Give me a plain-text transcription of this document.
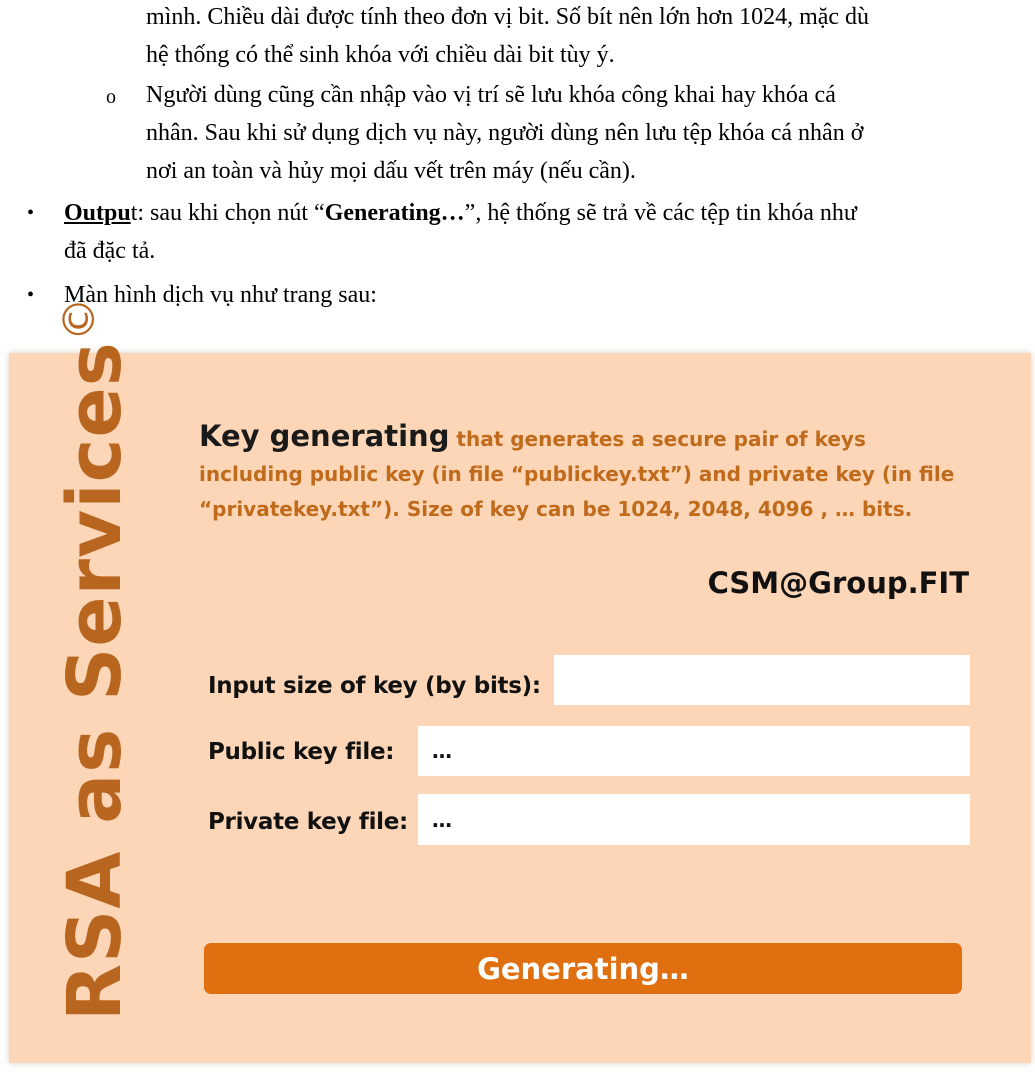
mình. Chiều dài được tính theo đơn vị bit. Số bít nên lớn hơn 1024, mặc dù
hệ thống có thể sinh khóa với chiều dài bit tùy ý.
o Người dùng cũng cần nhập vào vị trí sẽ lưu khóa công khai hay khóa cá
nhân. Sau khi sử dụng dịch vụ này, người dùng nên lưu tệp khóa cá nhân ở
nơi an toàn và hủy mọi dấu vết trên máy (nếu cần).
• Output: sau khi chọn nút “Generating…”, hệ thống sẽ trả về các tệp tin khóa như
đã đặc tả.
• Màn hình dịch vụ như trang sau:
RSA as Services©
Key generating that generates a secure pair of keys including public key (in file “publickey.txt”) and private key (in file “privatekey.txt”). Size of key can be 1024, 2048, 4096 , … bits.
CSM@Group.FIT
Input size of key (by bits):
Public key file:
…
Private key file:
…
Generating…
